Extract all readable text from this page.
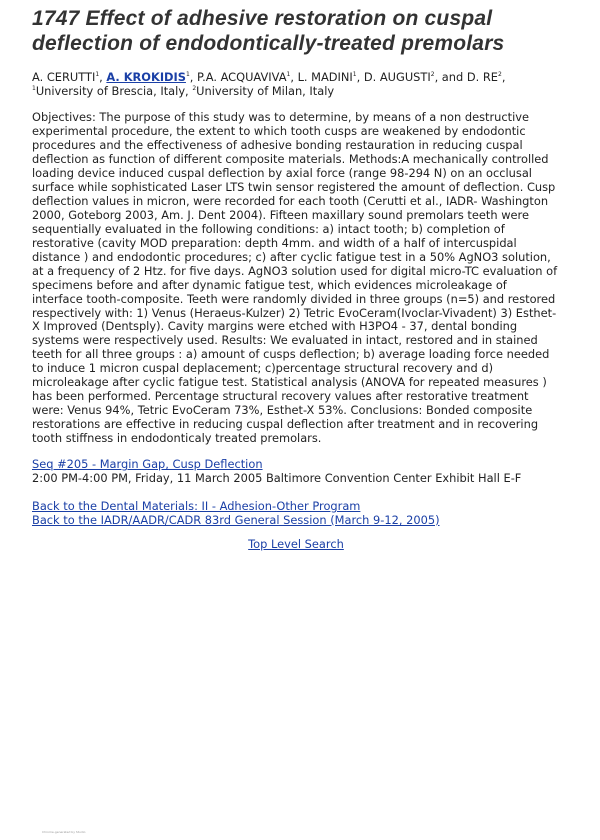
1747 Effect of adhesive restoration on cuspal deflection of endodontically-treated premolars
A. CERUTTI$^1$, A. KROKIDIS$^1$, P.A. ACQUAVIVA$^1$, L. MADINI$^1$, D. AUGUSTI$^2$, and D. $RE^2$,
$^1$University of Brescia, Italy, $^2$University of Milan, Italy
Objectives: The purpose of this study was to determine, by means of a non destructive experimental procedure, the extent to which tooth cusps are weakened by endodontic procedures and the effectiveness of adhesive bonding restauration in reducing cuspal deflection as function of different composite materials. Methods:A mechanically controlled loading device induced cuspal deflection by axial force (range 98-294 N) on an occlusal surface while sophisticated Laser LTS twin sensor registered the amount of deflection. Cusp deflection values in micron, were recorded for each tooth (Cerutti et al., IADR- Washington 2000, Goteborg 2003, Am. J. Dent 2004). Fifteen maxillary sound premolars teeth were sequentially evaluated in the following conditions: a) intact tooth; b) completion of restorative (cavity MOD preparation: depth 4mm. and width of a half of intercuspidal distance ) and endodontic procedures; c) after cyclic fatigue test in a 50% AgNO3 solution, at a frequency of 2 Htz. for five days. AgNO3 solution used for digital micro-TC evaluation of specimens before and after dynamic fatigue test, which evidences microleakage of interface tooth-composite. Teeth were randomly divided in three groups (n=5) and restored respectively with: 1) Venus (Heraeus-Kulzer) 2) Tetric EvoCeram(Ivoclar-Vivadent) 3) Esthet-X Improved (Dentsply). Cavity margins were etched with H3PO4 - 37, dental bonding systems were respectively used. Results: We evaluated in intact, restored and in stained teeth for all three groups : a) amount of cusps deflection; b) average loading force needed to induce 1 micron cuspal deplacement; c)percentage structural recovery and d) microleakage after cyclic fatigue test. Statistical analysis (ANOVA for repeated measures ) has been performed. Percentage structural recovery values after restorative treatment were: Venus 94%, Tetric EvoCeram 73%, Esthet-X 53%. Conclusions: Bonded composite restorations are effective in reducing cuspal deflection after treatment and in recovering tooth stiffness in endodonticaly treated premolars.
Seq #205 - Margin Gap, Cusp Deflection
2:00 PM-4:00 PM, Friday, 11 March 2005 Baltimore Convention Center Exhibit Hall E-F
Back to the Dental Materials: II - Adhesion-Other Program
Back to the IADR/AADR/CADR 83rd General Session (March 9-12, 2005)
Top Level Search
Chrome-generated by Studio
